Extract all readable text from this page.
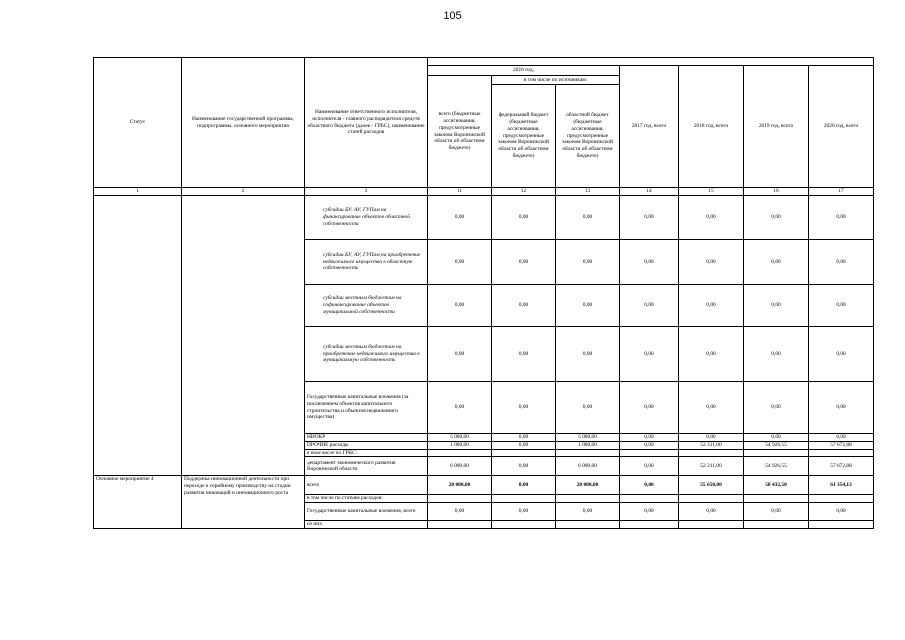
105
Статус	Наименование государственной программы, подпрограммы, основного мероприятия	Наименование ответственного исполнителя, исполнителя - главного распорядителя средств областного бюджета (далее - ГРБС), наименование статей расходов							
			2016 год,			2017 год, всего	2018 год, всего	2019 год, всего	2020 год, всего
			всего (бюджетные ассигнования, предусмотренные законом Воронежской области об областном бюджете)	в том числе по источникам:					
				федеральный бюджет (бюджетные ассигнования, предусмотренные законом Воронежской области об областном бюджете)	областной бюджет (бюджетные ассигнования, предусмотренные законом Воронежской области об областном бюджете)				
1	2	3	11	12	13	14	15	16	17
		субсидии БУ, АУ, ГУПам на финансирование объектов областной собственности	0,00	0,00	0,00	0,00	0,00	0,00	0,00
		субсидии БУ, АУ, ГУПам на приобретение недвижимого имущества в областную собственность	0,00	0,00	0,00	0,00	0,00	0,00	0,00
		субсидии местным бюджетам на софинансирование объектов муниципальной собственности	0,00	0,00	0,00	0,00	0,00	0,00	0,00
		субсидии местным бюджетам на приобретение недвижимого имущества в муниципальную собственность	0,00	0,00	0,00	0,00	0,00	0,00	0,00
		Государственные капитальные вложения (за исключением объектов капитального строительства и объектов недвижимого имущества)	0,00	0,00	0,00	0,00	0,00	0,00	0,00
		НИОКР	5 000,00	0,00	5 000,00	0,00	0,00	0,00	0,00
		ПРОЧИЕ расходы	1 000,00	0,00	1 000,00	0,00	52 311,00	54 926,55	57 672,88
		в том числе по ГРБС:							
		департамент экономического развития Воронежской области	6 000,00	0,00	6 000,00	0,00	52 311,00	54 926,55	57 672,88
Основное мероприятие 4	Поддержка инновационной деятельности при переходе к серийному производству на стадии развития инноваций и инновационного роста	всего	20 000,00	0,00	20 000,00	0,00	55 650,00	58 432,50	61 354,13
		в том числе по статьям расходов:							
		Государственные капитальные вложения, всего	0,00	0,00	0,00	0,00	0,00	0,00	0,00
		из них:							
